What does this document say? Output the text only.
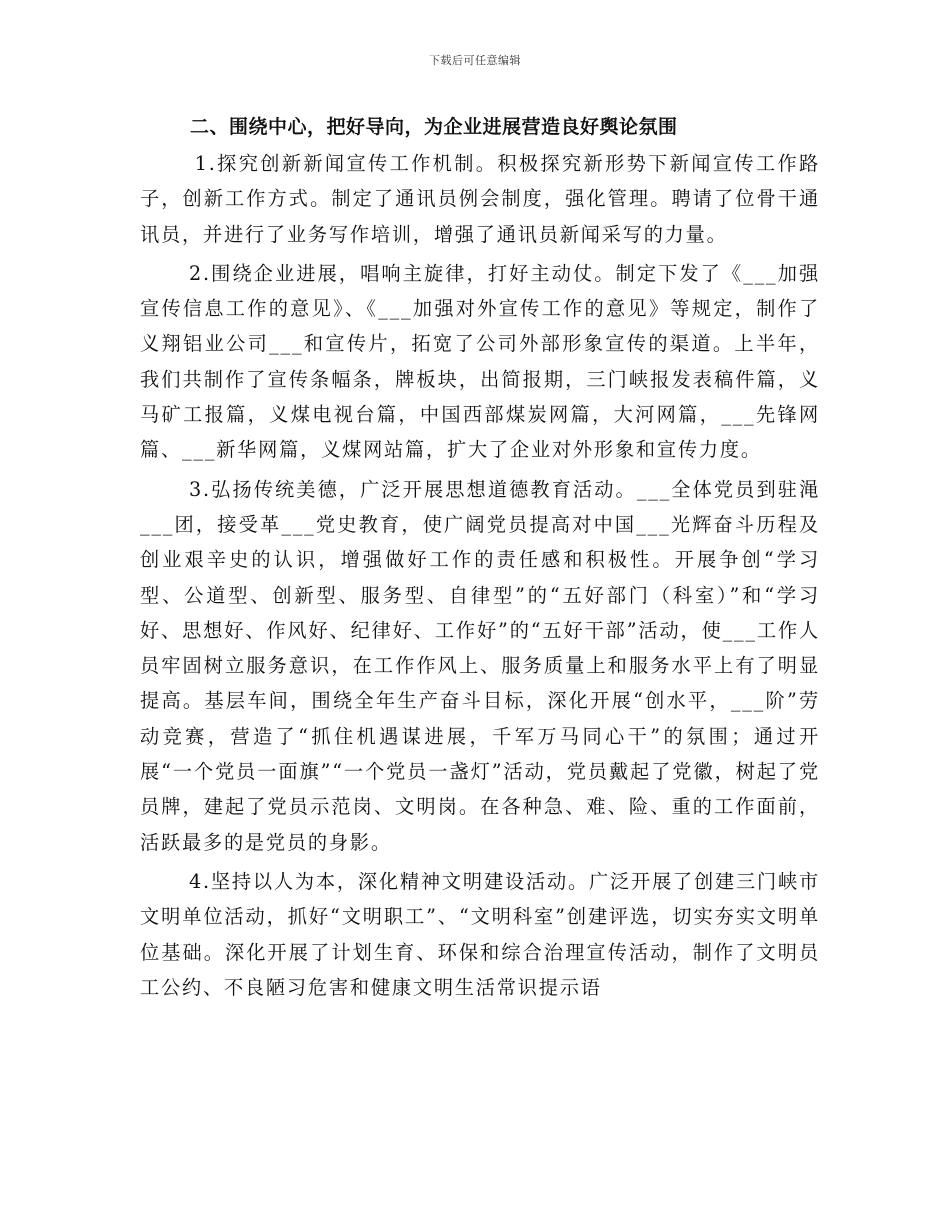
下载后可任意编辑
二、围绕中心，把好导向，为企业进展营造良好舆论氛围

1.探究创新新闻宣传工作机制。积极探究新形势下新闻宣传工作路子，创新工作方式。制定了通讯员例会制度，强化管理。聘请了位骨干通讯员，并进行了业务写作培训，增强了通讯员新闻采写的力量。

2.围绕企业进展，唱响主旋律，打好主动仗。制定下发了《___加强宣传信息工作的意见》、《___加强对外宣传工作的意见》等规定，制作了义翔铝业公司___和宣传片，拓宽了公司外部形象宣传的渠道。上半年，我们共制作了宣传条幅条，牌板块，出简报期，三门峡报发表稿件篇，义马矿工报篇，义煤电视台篇，中国西部煤炭网篇，大河网篇，___先锋网篇、___新华网篇，义煤网站篇，扩大了企业对外形象和宣传力度。

3.弘扬传统美德，广泛开展思想道德教育活动。___全体党员到驻渑___团，接受革___党史教育，使广阔党员提高对中国___光辉奋斗历程及创业艰辛史的认识，增强做好工作的责任感和积极性。开展争创“学习型、公道型、创新型、服务型、自律型”的“五好部门（科室）”和“学习好、思想好、作风好、纪律好、工作好”的“五好干部”活动，使___工作人员牢固树立服务意识，在工作作风上、服务质量上和服务水平上有了明显提高。基层车间，围绕全年生产奋斗目标，深化开展“创水平，___阶”劳动竞赛，营造了“抓住机遇谋进展，千军万马同心干”的氛围；通过开展“一个党员一面旗”“一个党员一盏灯”活动，党员戴起了党徽，树起了党员牌，建起了党员示范岗、文明岗。在各种急、难、险、重的工作面前，活跃最多的是党员的身影。

4.坚持以人为本，深化精神文明建设活动。广泛开展了创建三门峡市文明单位活动，抓好“文明职工”、“文明科室”创建评选，切实夯实文明单位基础。深化开展了计划生育、环保和综合治理宣传活动，制作了文明员工公约、不良陋习危害和健康文明生活常识提示语
